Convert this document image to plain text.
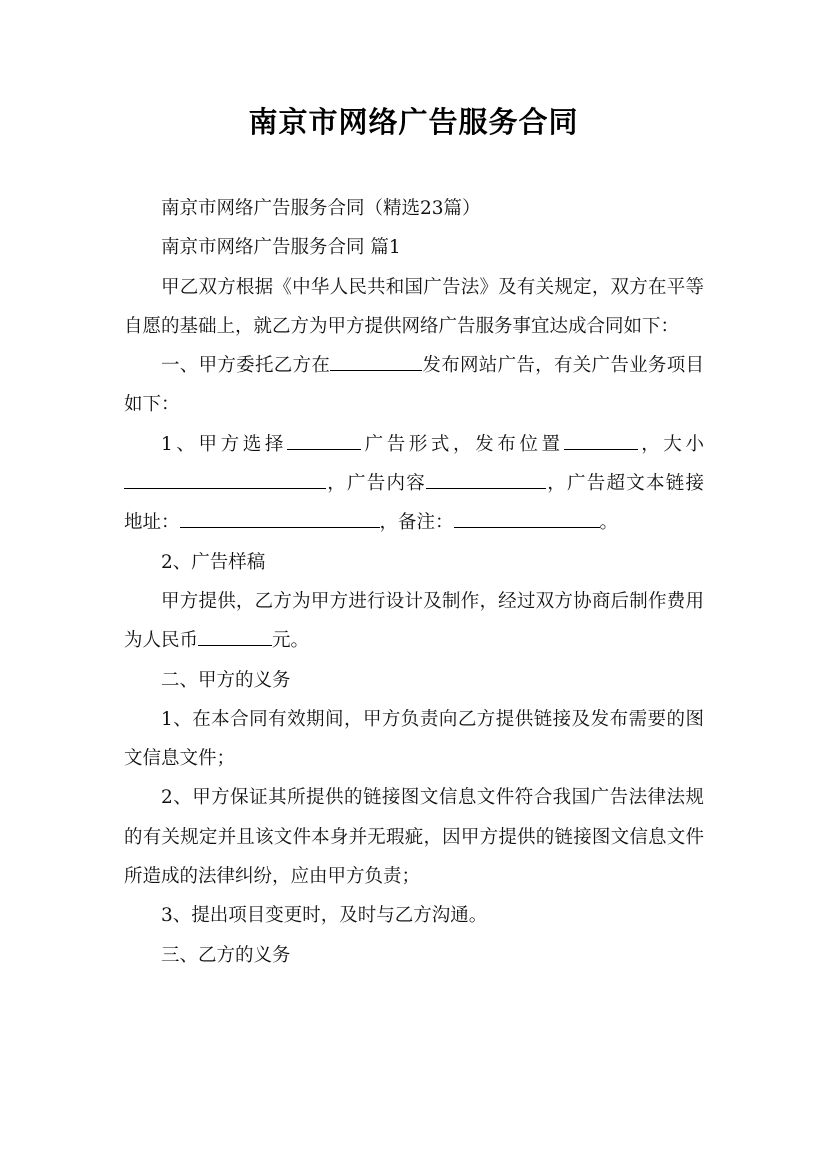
南京市网络广告服务合同

南京市网络广告服务合同（精选23篇）

南京市网络广告服务合同 篇1

甲乙双方根据《中华人民共和国广告法》及有关规定，双方在平等自愿的基础上，就乙方为甲方提供网络广告服务事宜达成合同如下：

一、甲方委托乙方在	发布网站广告，有关广告业务项目如下：

1、甲方选择	广告形式，发布位置	，大小，广告内容	，广告超文本链接地址：	，备注：	。

2、广告样稿

甲方提供，乙方为甲方进行设计及制作，经过双方协商后制作费用为人民币	元。

二、甲方的义务

1、在本合同有效期间，甲方负责向乙方提供链接及发布需要的图文信息文件；

2、甲方保证其所提供的链接图文信息文件符合我国广告法律法规的有关规定并且该文件本身并无瑕疵，因甲方提供的链接图文信息文件所造成的法律纠纷，应由甲方负责；

3、提出项目变更时，及时与乙方沟通。

三、乙方的义务
